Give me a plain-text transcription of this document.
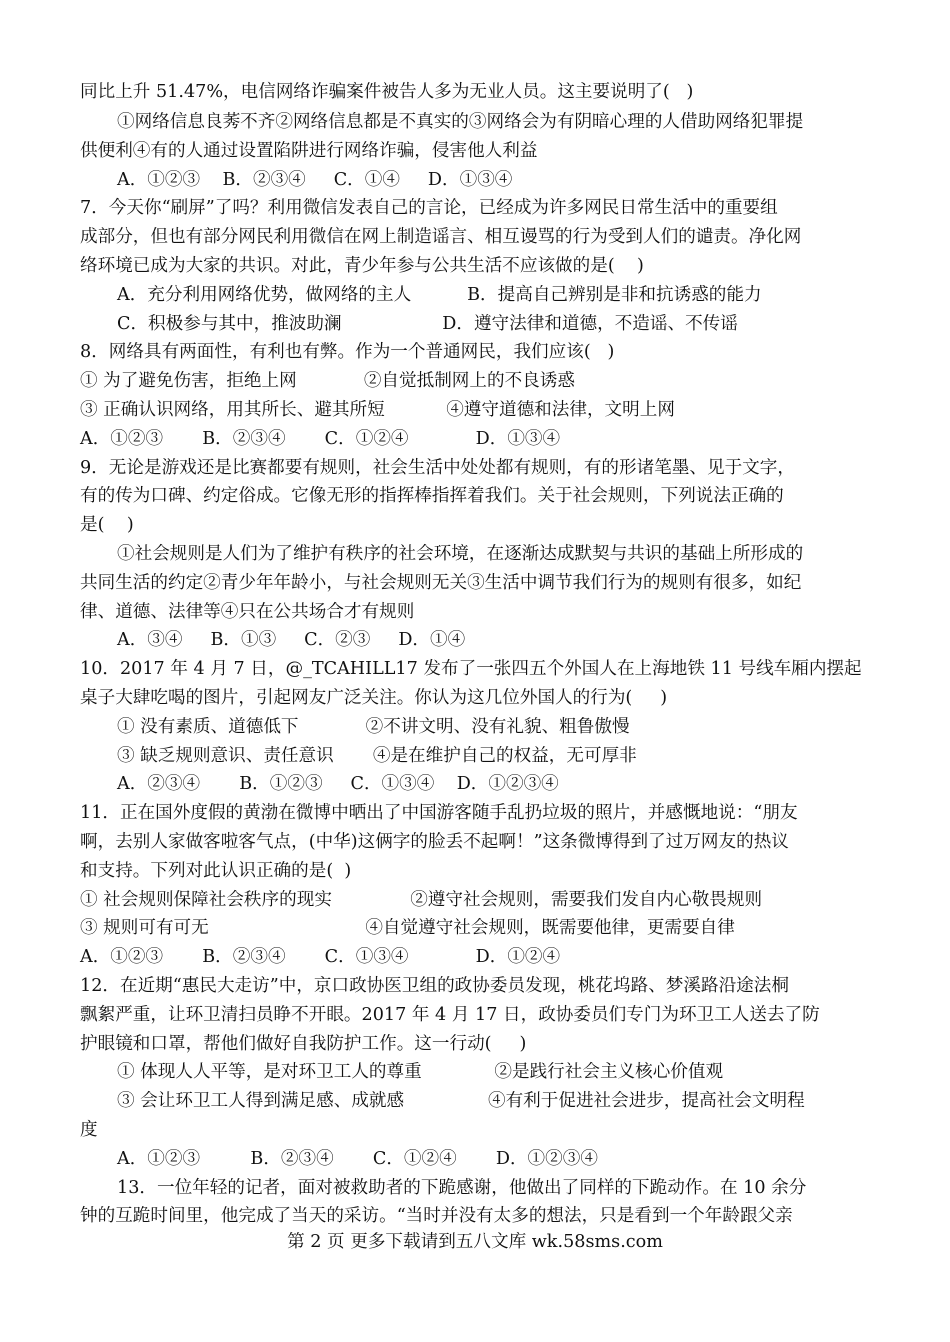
同比上升 51.47%，电信网络诈骗案件被告人多为无业人员。这主要说明了(   )

①网络信息良莠不齐②网络信息都是不真实的③网络会为有阴暗心理的人借助网络犯罪提

供便利④有的人通过设置陷阱进行网络诈骗，侵害他人利益

A．①②③    B．②③④     C．①④     D．①③④

7．今天你“刷屏”了吗？利用微信发表自己的言论，已经成为许多网民日常生活中的重要组

成部分，但也有部分网民利用微信在网上制造谣言、相互谩骂的行为受到人们的谴责。净化网

络环境已成为大家的共识。对此，青少年参与公共生活不应该做的是(    )

A．充分利用网络优势，做网络的主人          B．提高自己辨别是非和抗诱惑的能力

C．积极参与其中，推波助澜                  D．遵守法律和道德，不造谣、不传谣

8．网络具有两面性，有利也有弊。作为一个普通网民，我们应该(   )

① 为了避免伤害，拒绝上网            ②自觉抵制网上的不良诱惑

③ 正确认识网络，用其所长、避其所短           ④遵守道德和法律，文明上网

A．①②③       B．②③④       C．①②④            D．①③④

9．无论是游戏还是比赛都要有规则，社会生活中处处都有规则，有的形诸笔墨、见于文字，

有的传为口碑、约定俗成。它像无形的指挥棒指挥着我们。关于社会规则，下列说法正确的

是(    )

①社会规则是人们为了维护有秩序的社会环境，在逐渐达成默契与共识的基础上所形成的

共同生活的约定②青少年年龄小，与社会规则无关③生活中调节我们行为的规则有很多，如纪

律、道德、法律等④只在公共场合才有规则

A．③④     B．①③     C．②③     D．①④

10．2017 年 4 月 7 日，@_TCAHILL17 发布了一张四五个外国人在上海地铁 11 号线车厢内摆起

桌子大肆吃喝的图片，引起网友广泛关注。你认为这几位外国人的行为(     )

① 没有素质、道德低下            ②不讲文明、没有礼貌、粗鲁傲慢

③ 缺乏规则意识、责任意识       ④是在维护自己的权益，无可厚非

A．②③④       B．①②③     C．①③④    D．①②③④

11．正在国外度假的黄渤在微博中晒出了中国游客随手乱扔垃圾的照片，并感慨地说：“朋友

啊，去别人家做客啦客气点，(中华)这俩字的脸丢不起啊！”这条微博得到了过万网友的热议

和支持。下列对此认识正确的是(  )

① 社会规则保障社会秩序的现实              ②遵守社会规则，需要我们发自内心敬畏规则

③ 规则可有可无                            ④自觉遵守社会规则，既需要他律，更需要自律

A．①②③       B．②③④       C．①③④            D．①②④

12．在近期“惠民大走访”中，京口政协医卫组的政协委员发现，桃花坞路、梦溪路沿途法桐

飘絮严重，让环卫清扫员睁不开眼。2017 年 4 月 17 日，政协委员们专门为环卫工人送去了防

护眼镜和口罩，帮他们做好自我防护工作。这一行动(     )

① 体现人人平等，是对环卫工人的尊重             ②是践行社会主义核心价值观

③ 会让环卫工人得到满足感、成就感               ④有利于促进社会进步，提高社会文明程

度

A．①②③         B．②③④       C．①②④       D．①②③④

13．一位年轻的记者，面对被救助者的下跪感谢，他做出了同样的下跪动作。在 10 余分

钟的互跪时间里，他完成了当天的采访。“当时并没有太多的想法，只是看到一个年龄跟父亲

第 2 页 更多下载请到五八文库 wk.58sms.com
